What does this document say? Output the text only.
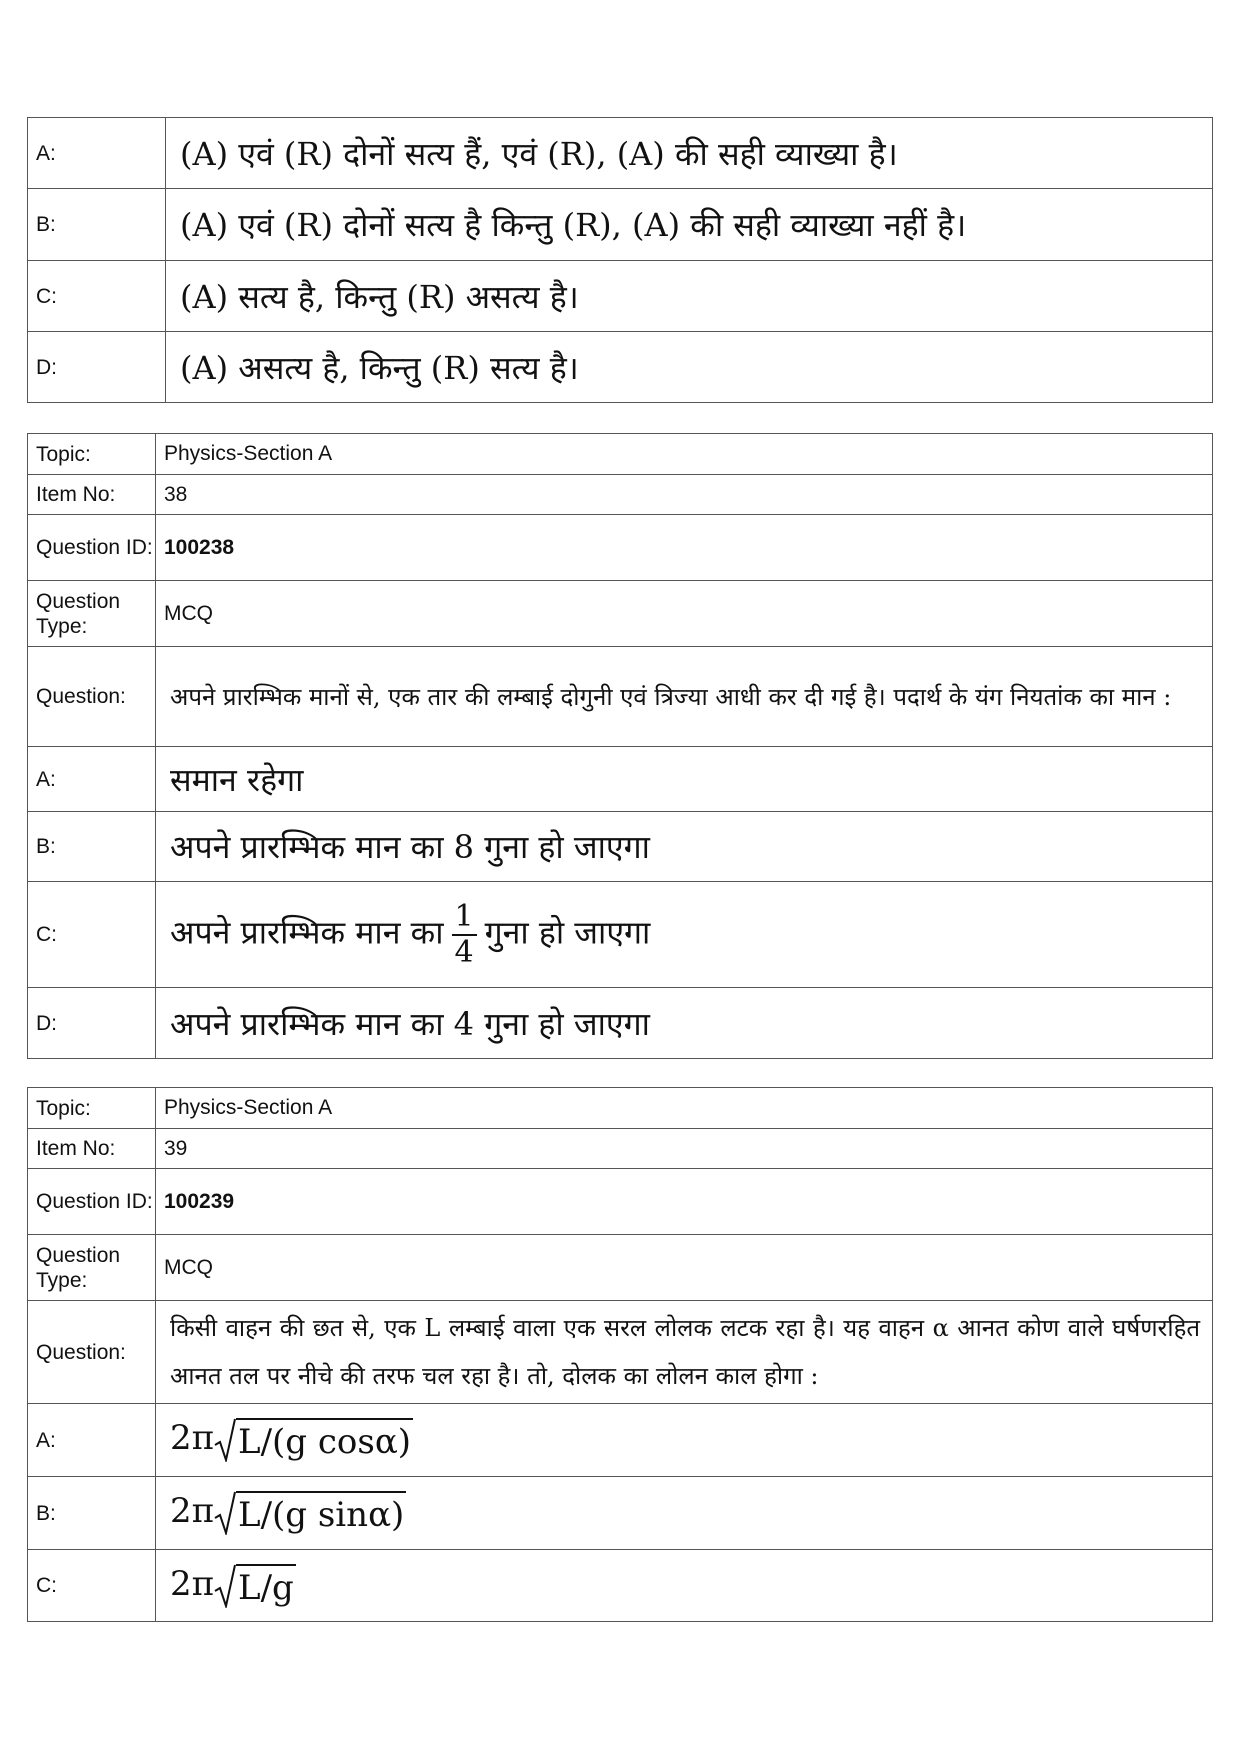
A:	(A) एवं (R) दोनों सत्य हैं, एवं (R), (A) की सही व्याख्या है।
B:	(A) एवं (R) दोनों सत्य है किन्तु (R), (A) की सही व्याख्या नहीं है।
C:	(A) सत्य है, किन्तु (R) असत्य है।
D:	(A) असत्य है, किन्तु (R) सत्य है।
Topic:	Physics-Section A
Item No:	38
Question ID:	100238
Question Type:	MCQ
Question:	अपने प्रारम्भिक मानों से, एक तार की लम्बाई दोगुनी एवं त्रिज्या आधी कर दी गई है। पदार्थ के यंग नियतांक का मान :
A:	समान रहेगा
B:	अपने प्रारम्भिक मान का 8 गुना हो जाएगा
C:	अपने प्रारम्भिक मान का $\frac{1}{4}$ गुना हो जाएगा
D:	अपने प्रारम्भिक मान का 4 गुना हो जाएगा
Topic:	Physics-Section A
Item No:	39
Question ID:	100239
Question Type:	MCQ
Question:	किसी वाहन की छत से, एक L लम्बाई वाला एक सरल लोलक लटक रहा है। यह वाहन α आनत कोण वाले घर्षणरहित आनत तल पर नीचे की तरफ चल रहा है। तो, दोलक का लोलन काल होगा :
A:	2π L/(g cosα)

B:	2π L/(g sinα)

C:	2π L/g
